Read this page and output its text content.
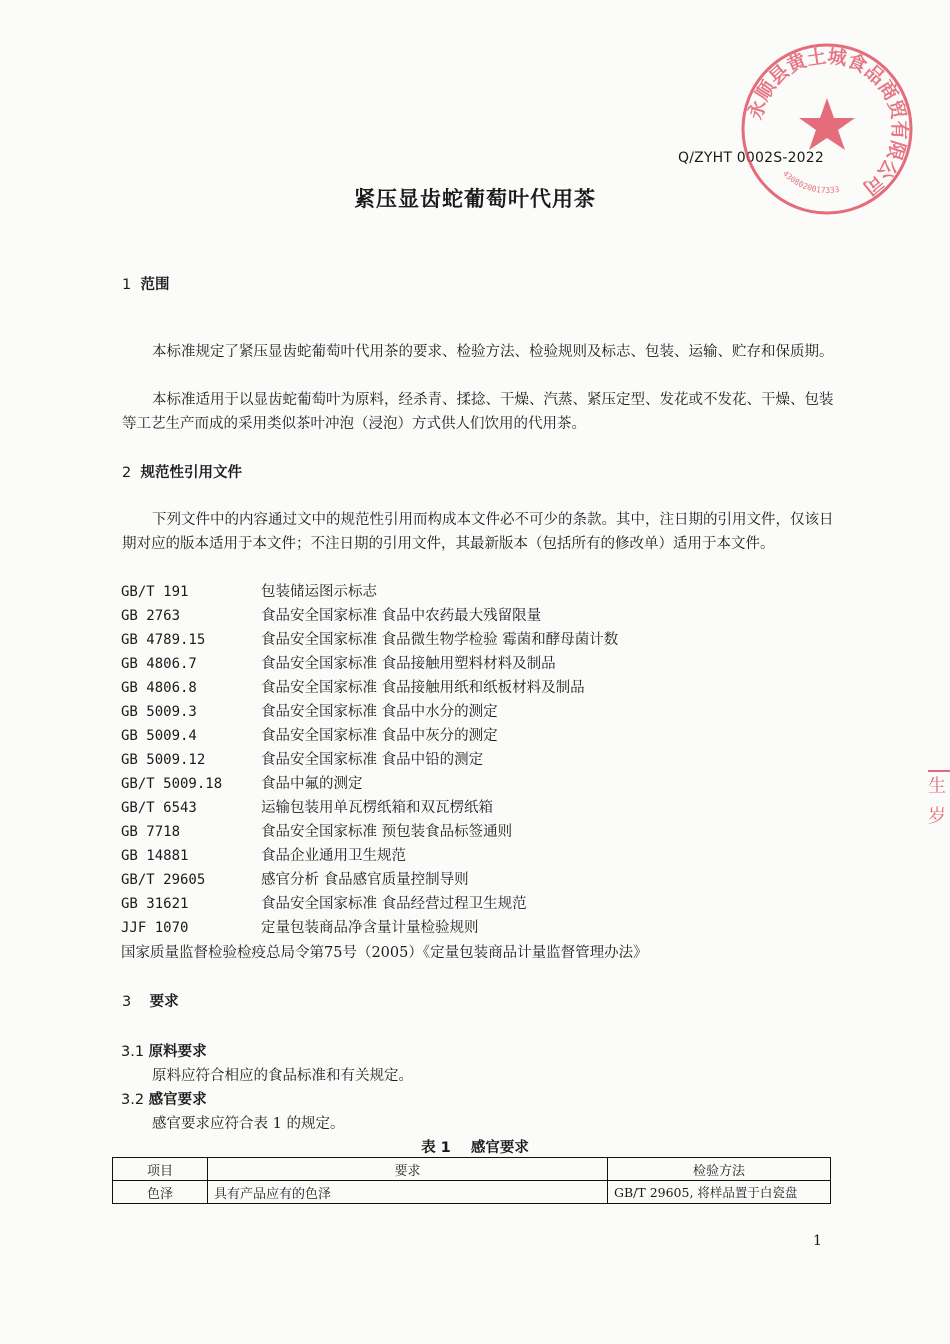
Q/ZYHT 0002S-2022
永顺县黄土城食品商贸有限公司
4308020017333
紧压显齿蛇葡萄叶代用茶
1 范围
本标准规定了紧压显齿蛇葡萄叶代用茶的要求、检验方法、检验规则及标志、包装、运输、贮存和保质期。
本标准适用于以显齿蛇葡萄叶为原料，经杀青、揉捻、干燥、汽蒸、紧压定型、发花或不发花、干燥、包装等工艺生产而成的采用类似茶叶冲泡（浸泡）方式供人们饮用的代用茶。
2 规范性引用文件
下列文件中的内容通过文中的规范性引用而构成本文件必不可少的条款。其中，注日期的引用文件，仅该日期对应的版本适用于本文件；不注日期的引用文件，其最新版本（包括所有的修改单）适用于本文件。
GB/T 191	包装储运图示标志
GB 2763	食品安全国家标准 食品中农药最大残留限量
GB 4789.15	食品安全国家标准 食品微生物学检验 霉菌和酵母菌计数
GB 4806.7	食品安全国家标准 食品接触用塑料材料及制品
GB 4806.8	食品安全国家标准 食品接触用纸和纸板材料及制品
GB 5009.3	食品安全国家标准 食品中水分的测定
GB 5009.4	食品安全国家标准 食品中灰分的测定
GB 5009.12	食品安全国家标准 食品中铅的测定
GB/T 5009.18	食品中氟的测定
GB/T 6543	运输包装用单瓦楞纸箱和双瓦楞纸箱
GB 7718	食品安全国家标准 预包装食品标签通则
GB 14881	食品企业通用卫生规范
GB/T 29605	感官分析 食品感官质量控制导则
GB 31621	食品安全国家标准 食品经营过程卫生规范
JJF 1070	定量包装商品净含量计量检验规则
国家质量监督检验检疫总局令第75号（2005）《定量包装商品计量监督管理办法》
3 要求
3.1 原料要求
原料应符合相应的食品标准和有关规定。
3.2 感官要求
感官要求应符合表 1 的规定。
表 1 感官要求
项目	要求	检验方法
色泽	具有产品应有的色泽	GB/T 29605, 将样品置于白瓷盘
1
生 岁
